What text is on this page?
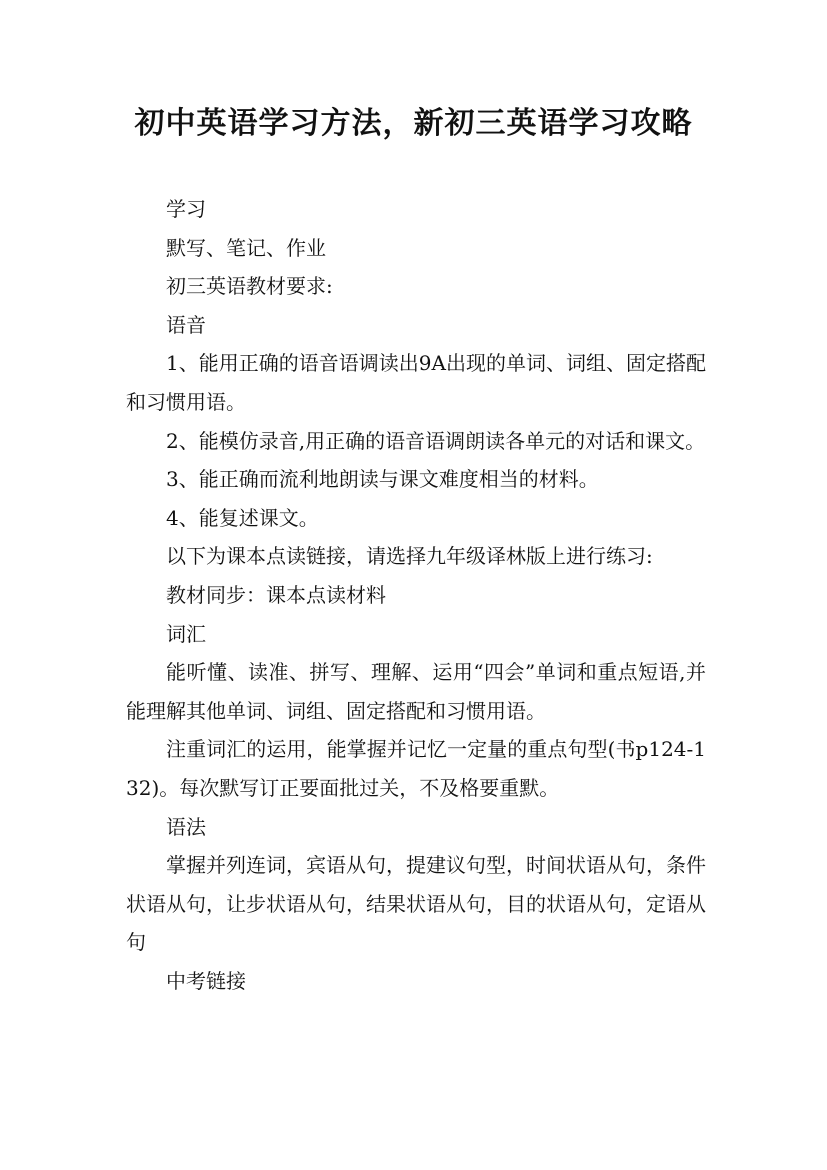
初中英语学习方法，新初三英语学习攻略

学习

默写、笔记、作业

初三英语教材要求:

语音

1、能用正确的语音语调读出9A出现的单词、词组、固定搭配和习惯用语。

2、能模仿录音,用正确的语音语调朗读各单元的对话和课文。

3、能正确而流利地朗读与课文难度相当的材料。

4、能复述课文。

以下为课本点读链接，请选择九年级译林版上进行练习:

教材同步：课本点读材料

词汇

能听懂、读准、拼写、理解、运用“四会”单词和重点短语,并能理解其他单词、词组、固定搭配和习惯用语。

注重词汇的运用，能掌握并记忆一定量的重点句型(书p124-132)。每次默写订正要面批过关，不及格要重默。

语法

掌握并列连词，宾语从句，提建议句型，时间状语从句，条件状语从句，让步状语从句，结果状语从句，目的状语从句，定语从句

中考链接
